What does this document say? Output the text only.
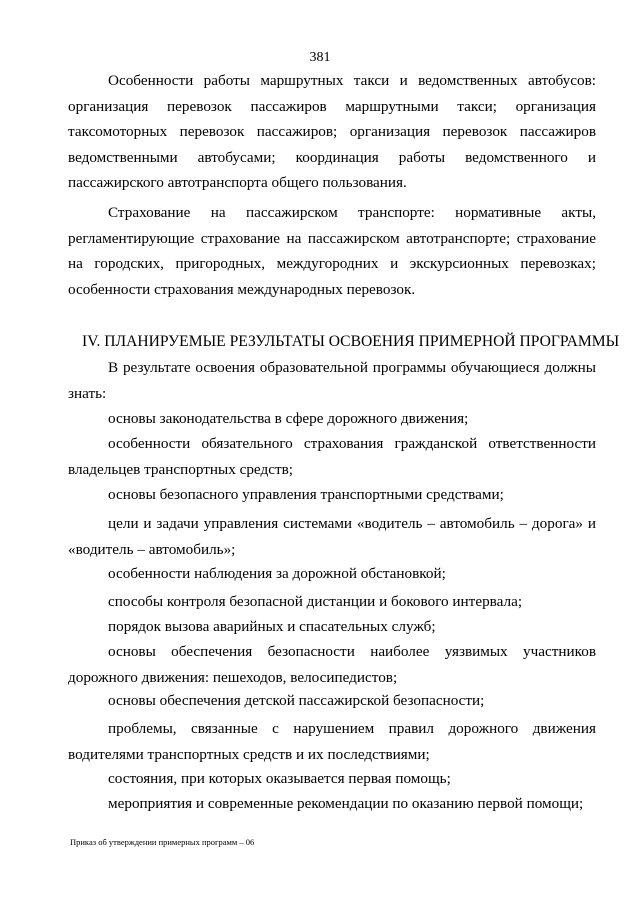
381

Особенности работы маршрутных такси и ведомственных автобусов: организация перевозок пассажиров маршрутными такси; организация таксомоторных перевозок пассажиров; организация перевозок пассажиров ведомственными автобусами; координация работы ведомственного и пассажирского автотранспорта общего пользования.

Страхование на пассажирском транспорте: нормативные акты, регламентирующие страхование на пассажирском автотранспорте; страхование на городских, пригородных, междугородних и экскурсионных перевозках; особенности страхования международных перевозок.

IV. ПЛАНИРУЕМЫЕ РЕЗУЛЬТАТЫ ОСВОЕНИЯ ПРИМЕРНОЙ ПРОГРАММЫ

В результате освоения образовательной программы обучающиеся должны знать:

основы законодательства в сфере дорожного движения;

особенности обязательного страхования гражданской ответственности владельцев транспортных средств;

основы безопасного управления транспортными средствами;

цели и задачи управления системами «водитель – автомобиль – дорога» и «водитель – автомобиль»;

особенности наблюдения за дорожной обстановкой;

способы контроля безопасной дистанции и бокового интервала;

порядок вызова аварийных и спасательных служб;

основы обеспечения безопасности наиболее уязвимых участников дорожного движения: пешеходов, велосипедистов;

основы обеспечения детской пассажирской безопасности;

проблемы, связанные с нарушением правил дорожного движения водителями транспортных средств и их последствиями;

состояния, при которых оказывается первая помощь;

мероприятия и современные рекомендации по оказанию первой помощи;

Приказ об утверждении примерных программ – 06
